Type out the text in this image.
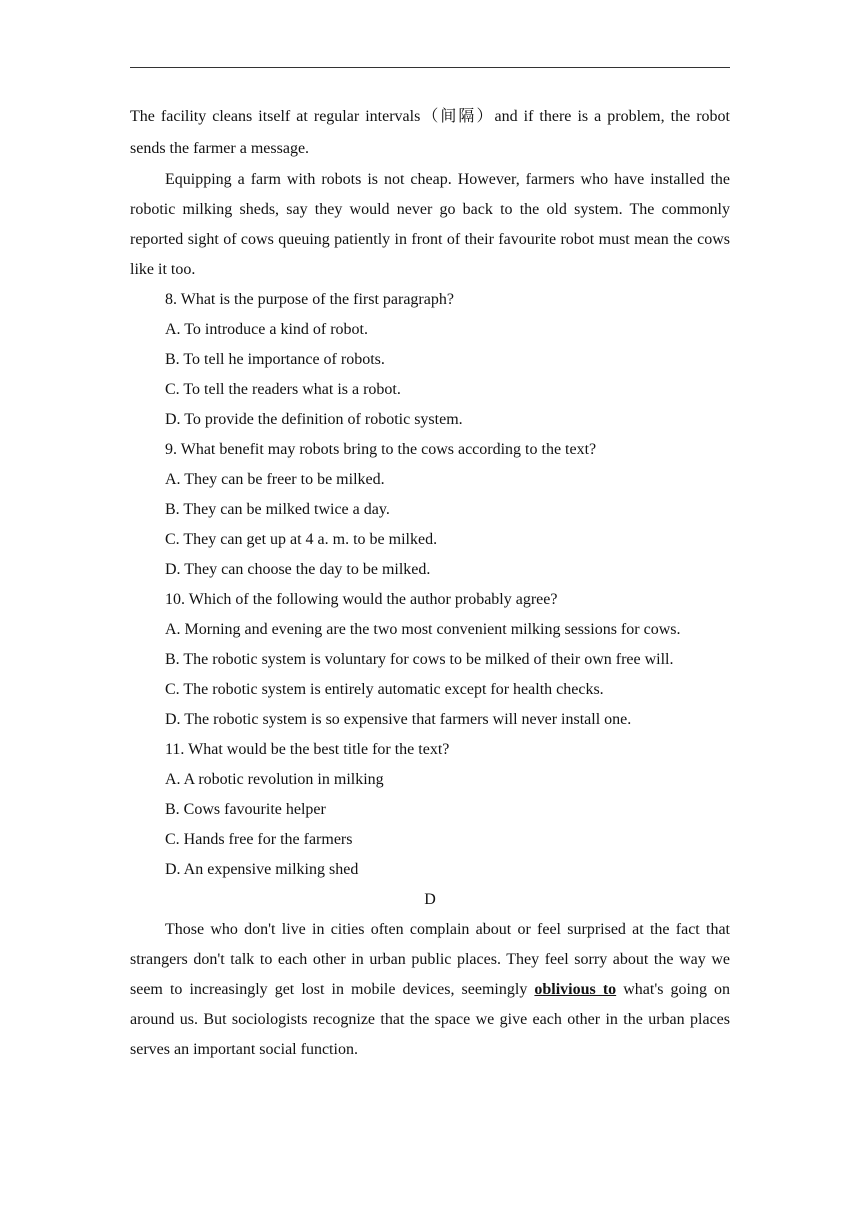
The facility cleans itself at regular intervals（间隔）and if there is a problem, the robot sends the farmer a message.

Equipping a farm with robots is not cheap. However, farmers who have installed the robotic milking sheds, say they would never go back to the old system. The commonly reported sight of cows queuing patiently in front of their favourite robot must mean the cows like it too.

8. What is the purpose of the first paragraph?

A. To introduce a kind of robot.

B. To tell he importance of robots.

C. To tell the readers what is a robot.

D. To provide the definition of robotic system.

9. What benefit may robots bring to the cows according to the text?

A. They can be freer to be milked.

B. They can be milked twice a day.

C. They can get up at 4 a. m. to be milked.

D. They can choose the day to be milked.

10. Which of the following would the author probably agree?

A. Morning and evening are the two most convenient milking sessions for cows.

B. The robotic system is voluntary for cows to be milked of their own free will.

C. The robotic system is entirely automatic except for health checks.

D. The robotic system is so expensive that farmers will never install one.

11. What would be the best title for the text?

A. A robotic revolution in milking

B. Cows favourite helper

C. Hands free for the farmers

D. An expensive milking shed

D

Those who don't live in cities often complain about or feel surprised at the fact that strangers don't talk to each other in urban public places. They feel sorry about the way we seem to increasingly get lost in mobile devices, seemingly oblivious to what's going on around us. But sociologists recognize that the space we give each other in the urban places serves an important social function.
